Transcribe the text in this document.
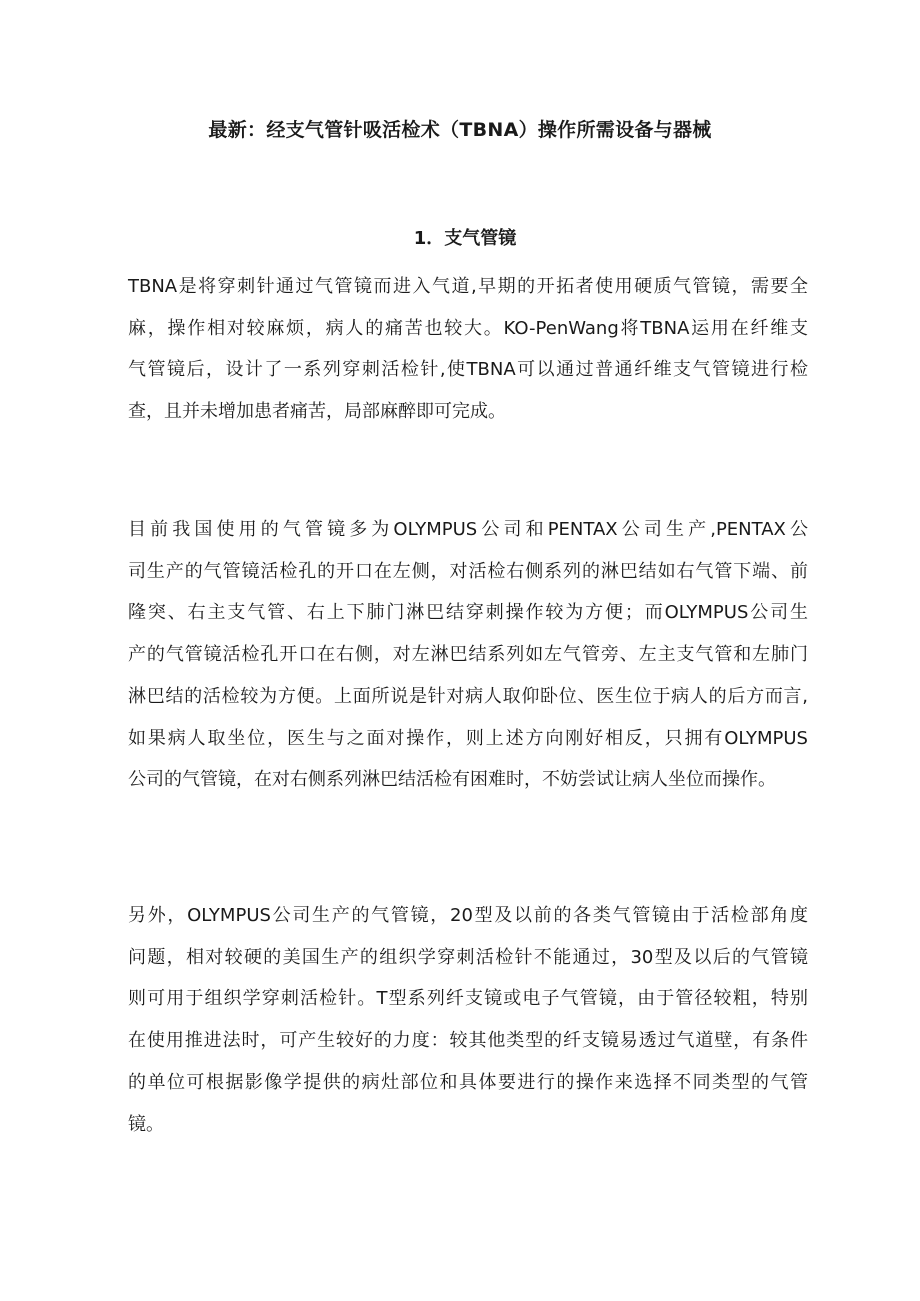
最新：经支气管针吸活检术（TBNA）操作所需设备与器械
1．支气管镜

TBNA是将穿刺针通过气管镜而进入气道,早期的开拓者使用硬质气管镜，需要全
麻，操作相对较麻烦，病人的痛苦也较大。KO-PenWang将TBNA运用在纤维支
气管镜后，设计了一系列穿刺活检针,使TBNA可以通过普通纤维支气管镜进行检
查，且并未增加患者痛苦，局部麻醉即可完成。

目前我国使用的气管镜多为OLYMPUS公司和PENTAX公司生产,PENTAX公
司生产的气管镜活检孔的开口在左侧，对活检右侧系列的淋巴结如右气管下端、前
隆突、右主支气管、右上下肺门淋巴结穿刺操作较为方便；而OLYMPUS公司生
产的气管镜活检孔开口在右侧，对左淋巴结系列如左气管旁、左主支气管和左肺门
淋巴结的活检较为方便。上面所说是针对病人取仰卧位、医生位于病人的后方而言,
如果病人取坐位，医生与之面对操作，则上述方向刚好相反，只拥有OLYMPUS
公司的气管镜，在对右侧系列淋巴结活检有困难时，不妨尝试让病人坐位而操作。

另外，OLYMPUS公司生产的气管镜，20型及以前的各类气管镜由于活检部角度
问题，相对较硬的美国生产的组织学穿刺活检针不能通过，30型及以后的气管镜
则可用于组织学穿刺活检针。T型系列纤支镜或电子气管镜，由于管径较粗，特别
在使用推进法时，可产生较好的力度：较其他类型的纤支镜易透过气道壁，有条件
的单位可根据影像学提供的病灶部位和具体要进行的操作来选择不同类型的气管
镜。
